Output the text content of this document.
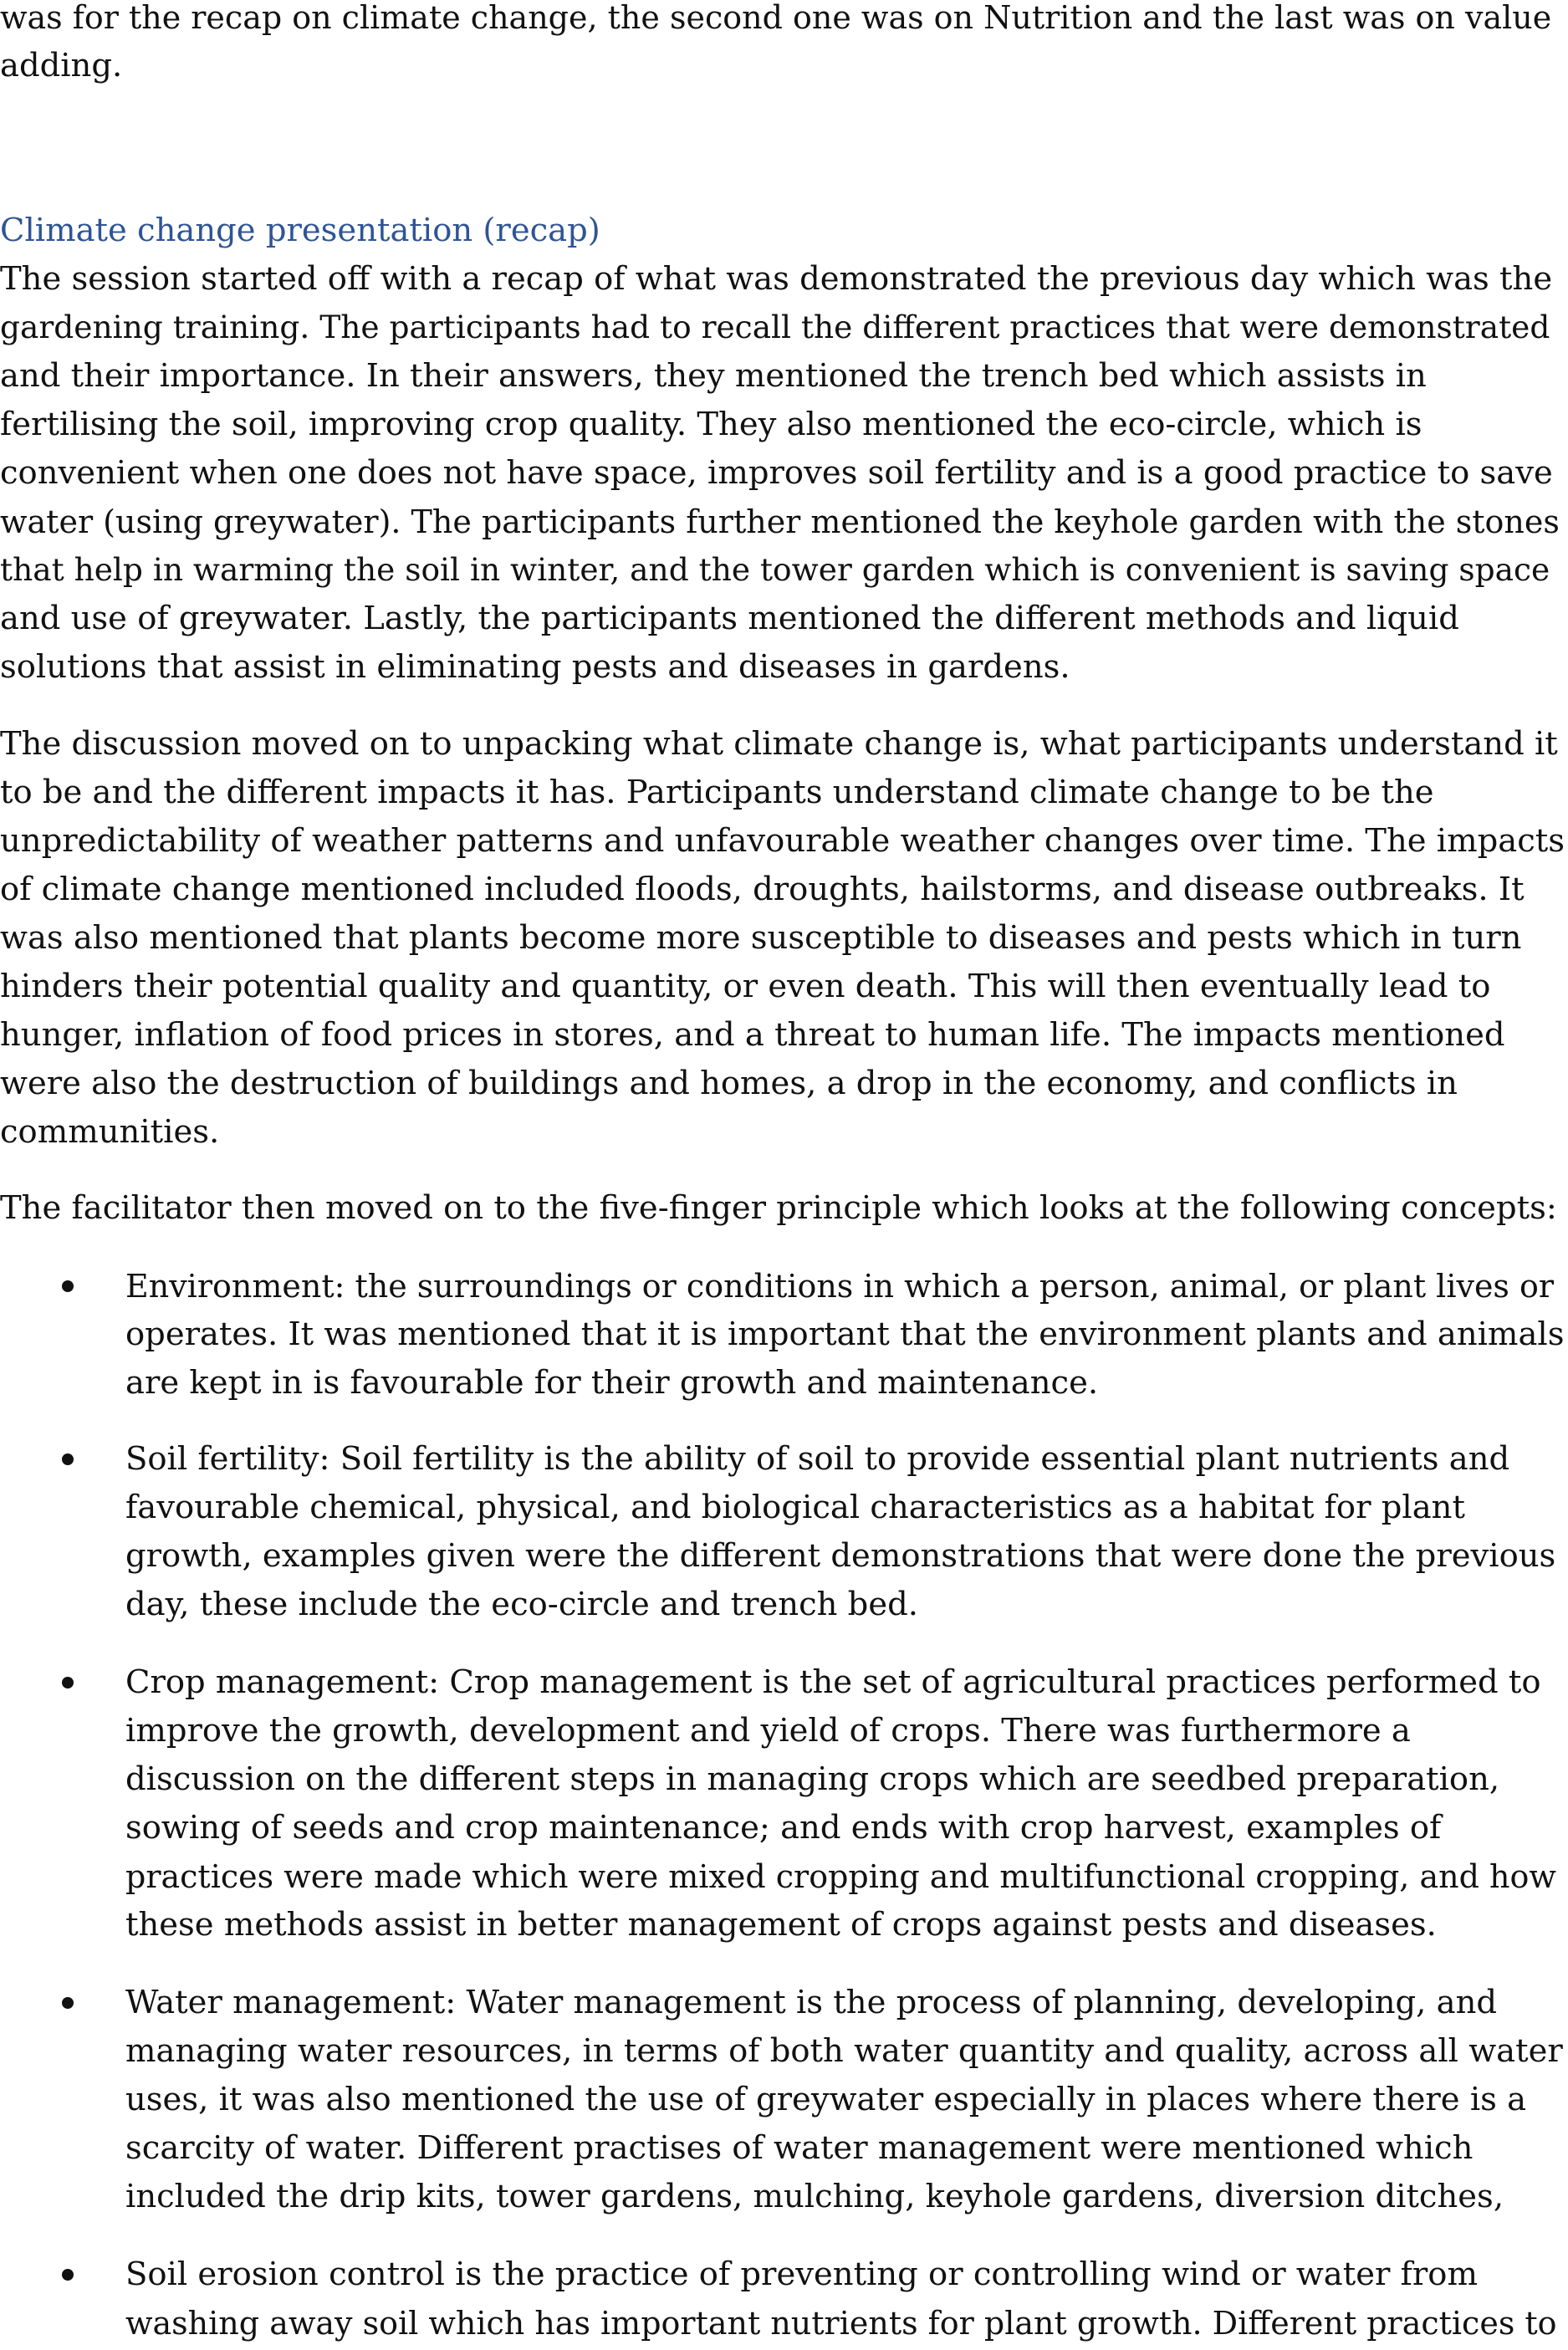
was for the recap on climate change, the second one was on Nutrition and the last was on value
adding.
Climate change presentation (recap)
The session started off with a recap of what was demonstrated the previous day which was the
gardening training. The participants had to recall the different practices that were demonstrated
and their importance. In their answers, they mentioned the trench bed which assists in
fertilising the soil, improving crop quality. They also mentioned the eco-circle, which is
convenient when one does not have space, improves soil fertility and is a good practice to save
water (using greywater). The participants further mentioned the keyhole garden with the stones
that help in warming the soil in winter, and the tower garden which is convenient is saving space
and use of greywater. Lastly, the participants mentioned the different methods and liquid
solutions that assist in eliminating pests and diseases in gardens.
The discussion moved on to unpacking what climate change is, what participants understand it
to be and the different impacts it has. Participants understand climate change to be the
unpredictability of weather patterns and unfavourable weather changes over time. The impacts
of climate change mentioned included floods, droughts, hailstorms, and disease outbreaks. It
was also mentioned that plants become more susceptible to diseases and pests which in turn
hinders their potential quality and quantity, or even death. This will then eventually lead to
hunger, inflation of food prices in stores, and a threat to human life. The impacts mentioned
were also the destruction of buildings and homes, a drop in the economy, and conflicts in
communities.
The facilitator then moved on to the five-finger principle which looks at the following concepts:
Environment: the surroundings or conditions in which a person, animal, or plant lives or
operates. It was mentioned that it is important that the environment plants and animals
are kept in is favourable for their growth and maintenance.
Soil fertility: Soil fertility is the ability of soil to provide essential plant nutrients and
favourable chemical, physical, and biological characteristics as a habitat for plant
growth, examples given were the different demonstrations that were done the previous
day, these include the eco-circle and trench bed.
Crop management: Crop management is the set of agricultural practices performed to
improve the growth, development and yield of crops. There was furthermore a
discussion on the different steps in managing crops which are seedbed preparation,
sowing of seeds and crop maintenance; and ends with crop harvest, examples of
practices were made which were mixed cropping and multifunctional cropping, and how
these methods assist in better management of crops against pests and diseases.
Water management: Water management is the process of planning, developing, and
managing water resources, in terms of both water quantity and quality, across all water
uses, it was also mentioned the use of greywater especially in places where there is a
scarcity of water. Different practises of water management were mentioned which
included the drip kits, tower gardens, mulching, keyhole gardens, diversion ditches,
Soil erosion control is the practice of preventing or controlling wind or water from
washing away soil which has important nutrients for plant growth. Different practices to
